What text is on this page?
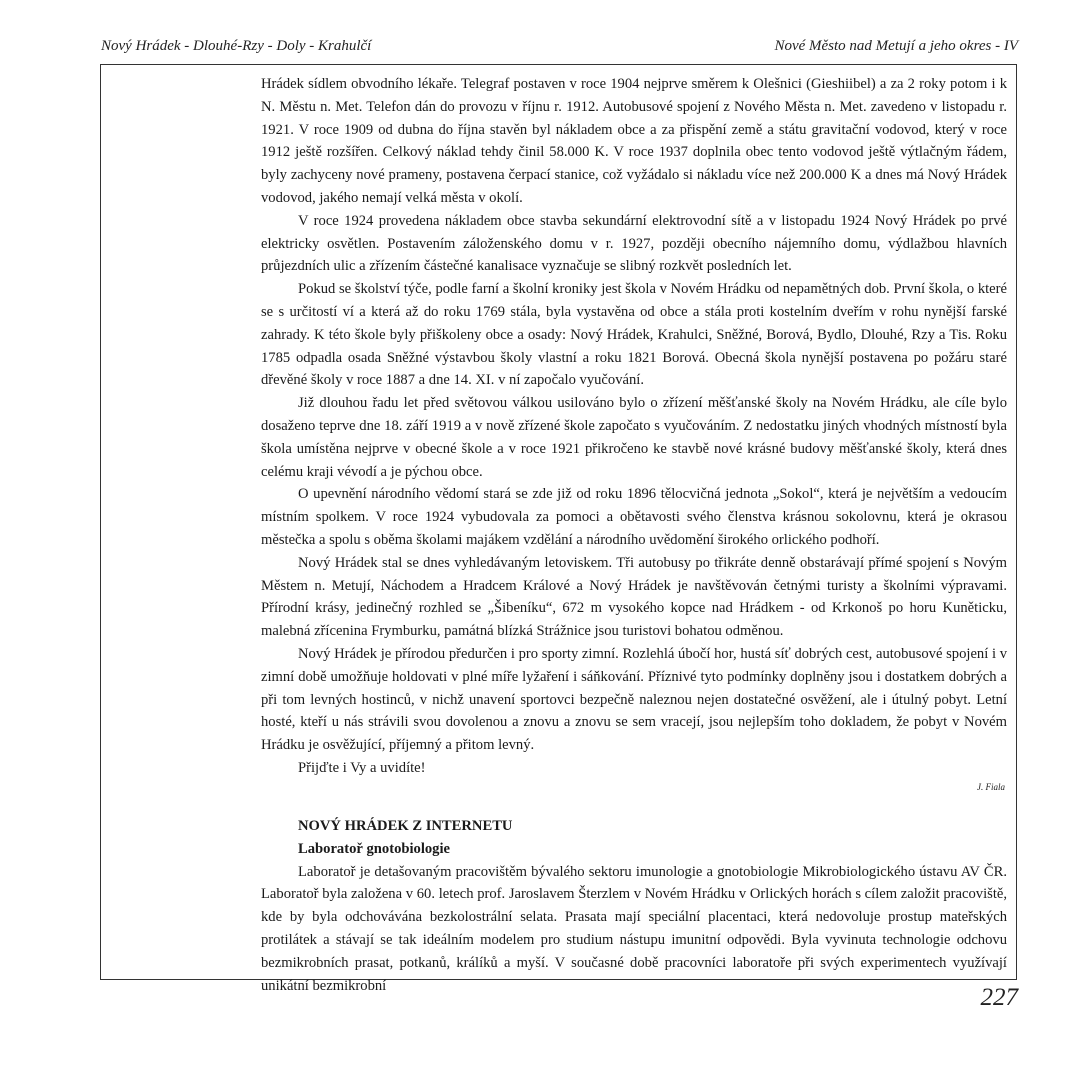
Nový Hrádek - Dlouhé-Rzy - Doly - Krahulčí	Nové Město nad Metují a jeho okres - IV

Hrádek sídlem obvodního lékaře. Telegraf postaven v roce 1904 nejprve směrem k Olešnici (Gieshiibel) a za 2 roky potom i k N. Městu n. Met. Telefon dán do provozu v říjnu r. 1912. Autobusové spojení z Nového Města n. Met. zavedeno v listopadu r. 1921. V roce 1909 od dubna do října stavěn byl nákladem obce a za přispění země a státu gravitační vodovod, který v roce 1912 ještě rozšířen. Celkový náklad tehdy činil 58.000 K. V roce 1937 doplnila obec tento vodovod ještě výtlačným řádem, byly zachyceny nové prameny, postavena čerpací stanice, což vyžádalo si nákladu více než 200.000 K a dnes má Nový Hrádek vodovod, jakého nemají velká města v okolí.

V roce 1924 provedena nákladem obce stavba sekundární elektrovodní sítě a v listopadu 1924 Nový Hrádek po prvé elektricky osvětlen. Postavením záloženského domu v r. 1927, později obecního nájemního domu, výdlažbou hlavních průjezdních ulic a zřízením částečné kanalisace vyznačuje se slibný rozkvět posledních let.

Pokud se školství týče, podle farní a školní kroniky jest škola v Novém Hrádku od nepamětných dob. První škola, o které se s určitostí ví a která až do roku 1769 stála, byla vystavěna od obce a stála proti kostelním dveřím v rohu nynější farské zahrady. K této škole byly přiškoleny obce a osady: Nový Hrádek, Krahulci, Sněžné, Borová, Bydlo, Dlouhé, Rzy a Tis. Roku 1785 odpadla osada Sněžné výstavbou školy vlastní a roku 1821 Borová. Obecná škola nynější postavena po požáru staré dřevěné školy v roce 1887 a dne 14. XI. v ní započalo vyučování.

Již dlouhou řadu let před světovou válkou usilováno bylo o zřízení měšťanské školy na Novém Hrádku, ale cíle bylo dosaženo teprve dne 18. září 1919 a v nově zřízené škole započato s vyučováním. Z nedostatku jiných vhodných místností byla škola umístěna nejprve v obecné škole a v roce 1921 přikročeno ke stavbě nové krásné budovy měšťanské školy, která dnes celému kraji vévodí a je pýchou obce.

O upevnění národního vědomí stará se zde již od roku 1896 tělocvičná jednota „Sokol“, která je největším a vedoucím místním spolkem. V roce 1924 vybudovala za pomoci a obětavosti svého členstva krásnou sokolovnu, která je okrasou městečka a spolu s oběma školami majákem vzdělání a národního uvědomění širokého orlického podhoří.

Nový Hrádek stal se dnes vyhledávaným letoviskem. Tři autobusy po třikráte denně obstarávají přímé spojení s Novým Městem n. Metují, Náchodem a Hradcem Králové a Nový Hrádek je navštěvován četnými turisty a školními výpravami. Přírodní krásy, jedinečný rozhled se „Šibeníku“, 672 m vysokého kopce nad Hrádkem - od Krkonoš po horu Kuněticku, malebná zřícenina Frymburku, památná blízká Strážnice jsou turistovi bohatou odměnou.

Nový Hrádek je přírodou předurčen i pro sporty zimní. Rozlehlá úbočí hor, hustá síť dobrých cest, autobusové spojení i v zimní době umožňuje holdovati v plné míře lyžaření i sáňkování. Příznivé tyto podmínky doplněny jsou i dostatkem dobrých a při tom levných hostinců, v nichž unavení sportovci bezpečně naleznou nejen dostatečné osvěžení, ale i útulný pobyt. Letní hosté, kteří u nás strávili svou dovolenou a znovu a znovu se sem vracejí, jsou nejlepším toho dokladem, že pobyt v Novém Hrádku je osvěžující, příjemný a přitom levný.

Přijďte i Vy a uvidíte!

J. Fiala

NOVÝ HRÁDEK Z INTERNETU

Laboratoř gnotobiologie

Laboratoř je detašovaným pracovištěm bývalého sektoru imunologie a gnotobiologie Mikrobiologického ústavu AV ČR. Laboratoř byla založena v 60. letech prof. Jaroslavem Šterzlem v Novém Hrádku v Orlických horách s cílem založit pracoviště, kde by byla odchovávána bezkolostrální selata. Prasata mají speciální placentaci, která nedovoluje prostup mateřských protilátek a stávají se tak ideálním modelem pro studium nástupu imunitní odpovědi. Byla vyvinuta technologie odchovu bezmikrobních prasat, potkanů, králíků a myší. V současné době pracovníci laboratoře při svých experimentech využívají unikátní bezmikrobní	227
